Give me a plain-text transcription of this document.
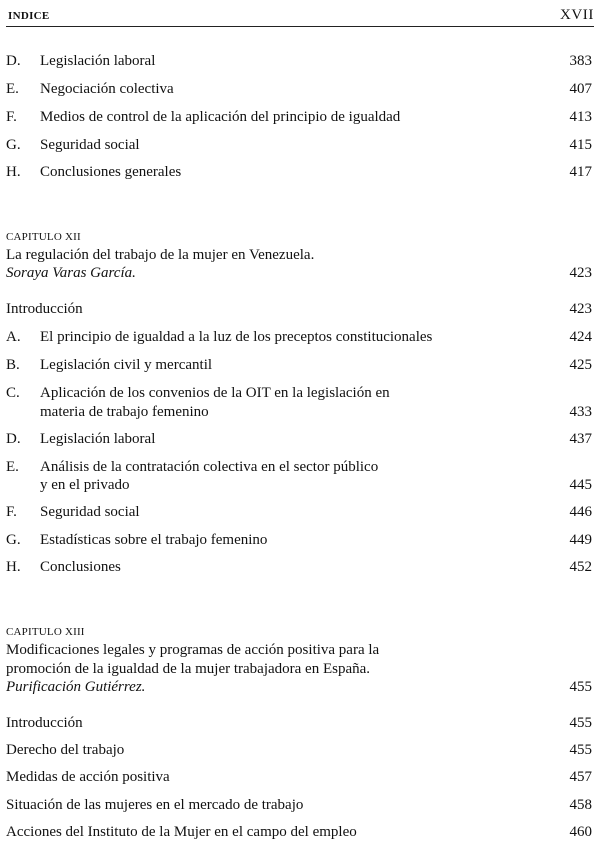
INDICE	XVII
D.	Legislación laboral	383
E.	Negociación colectiva	407
F.	Medios de control de la aplicación del principio de igualdad	413
G.	Seguridad social	415
H.	Conclusiones generales	417
CAPITULO XII
La regulación del trabajo de la mujer en Venezuela.
Soraya Varas García.	423
Introducción	423
A.	El principio de igualdad a la luz de los preceptos constitucionales	424
B.	Legislación civil y mercantil	425
C.	Aplicación de los convenios de la OIT en la legislación en
materia de trabajo femenino	433
D.	Legislación laboral	437
E.	Análisis de la contratación colectiva en el sector público
y en el privado	445
F.	Seguridad social	446
G.	Estadísticas sobre el trabajo femenino	449
H.	Conclusiones	452
CAPITULO XIII
Modificaciones legales y programas de acción positiva para la
promoción de la igualdad de la mujer trabajadora en España.
Purificación Gutiérrez.	455
Introducción	455
Derecho del trabajo	455
Medidas de acción positiva	457
Situación de las mujeres en el mercado de trabajo	458
Acciones del Instituto de la Mujer en el campo del empleo	460
